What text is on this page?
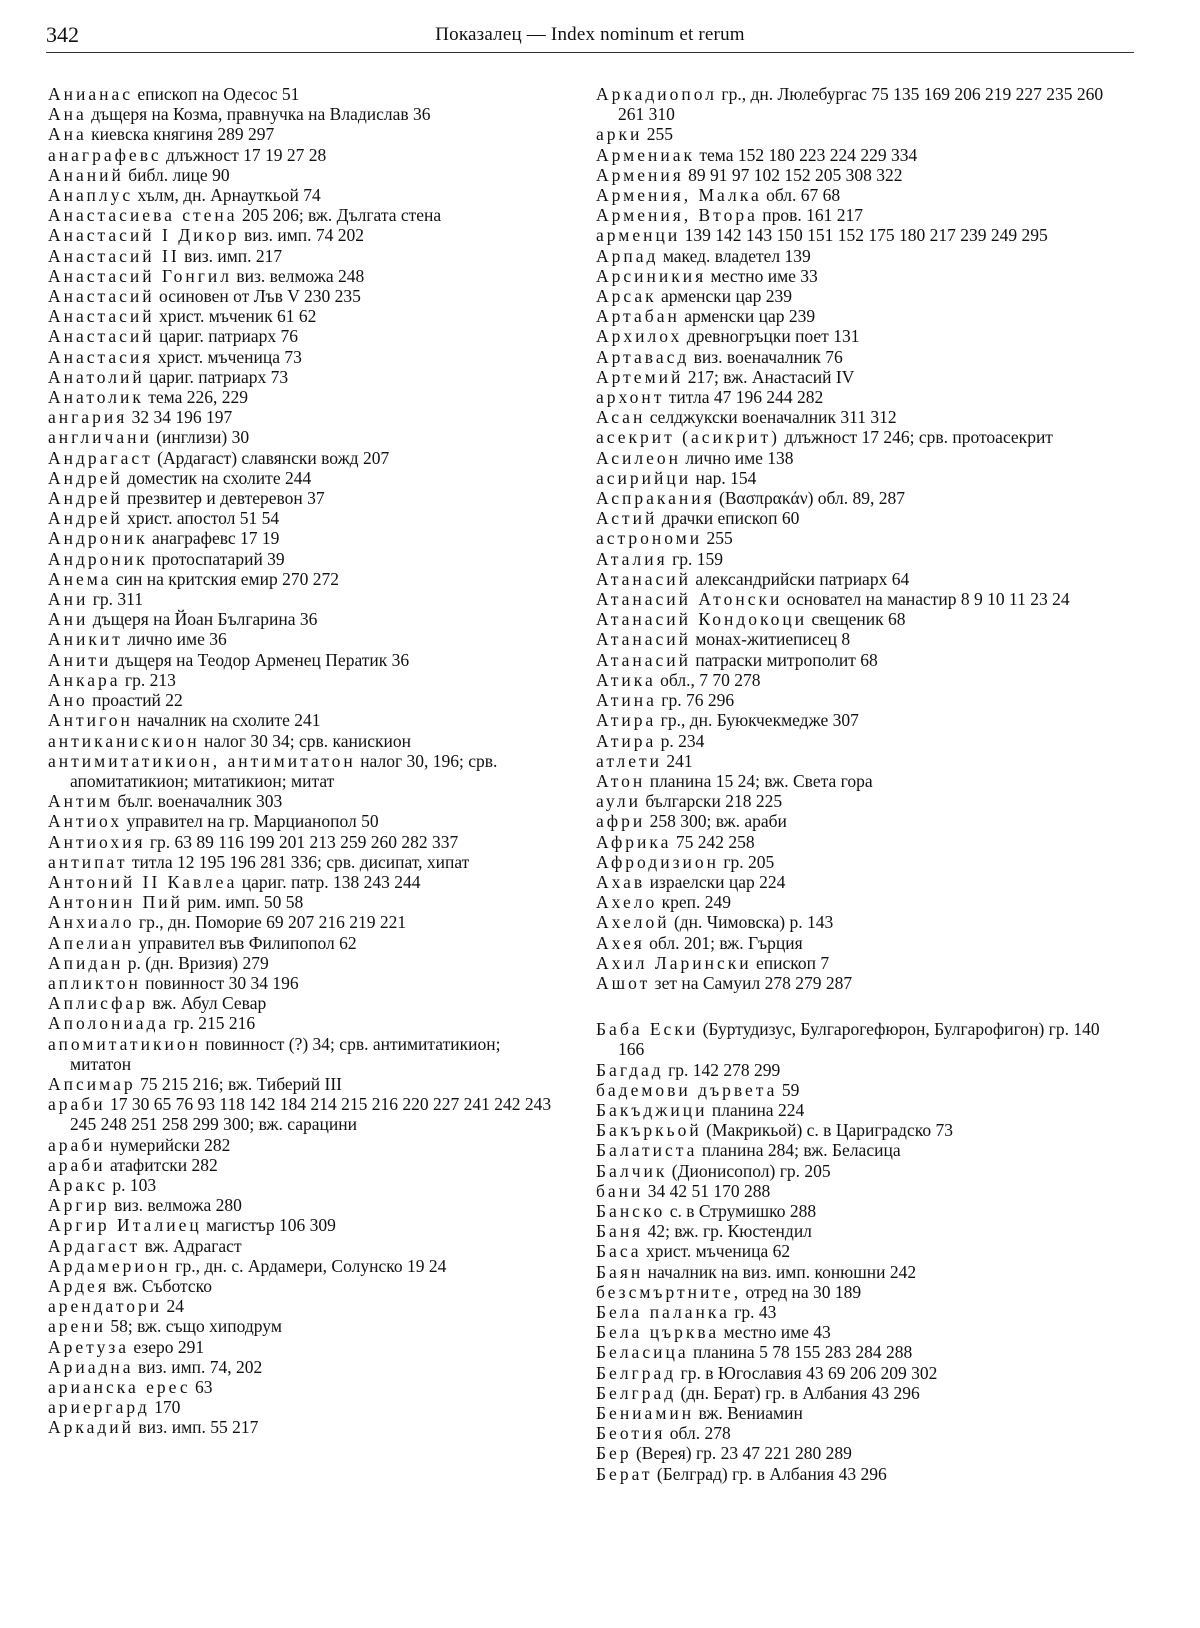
342	Показалец — Index nominum et rerum
Анианас епископ на Одесос 51
Ана дъщеря на Козма, правнучка на Владислав 36
Ана киевска княгиня 289 297
анаграфевс длъжност 17 19 27 28
Ананий библ. лице 90
Анаплус хълм, дн. Арнауткьой 74
Анастасиева стена 205 206; вж. Дългата стена
Анастасий I Дикор виз. имп. 74 202
Анастасий II виз. имп. 217
Анастасий Гонгил виз. велможа 248
Анастасий осиновен от Лъв V 230 235
Анастасий христ. мъченик 61 62
Анастасий цариг. патриарх 76
Анастасия христ. мъченица 73
Анатолий цариг. патриарх 73
Анатолик тема 226, 229
ангария 32 34 196 197
англичани (инглизи) 30
Андрагаст (Ардагаст) славянски вожд 207
Андрей доместик на схолите 244
Андрей презвитер и девтеревон 37
Андрей христ. апостол 51 54
Андроник анаграфевс 17 19
Андроник протоспатарий 39
Анема син на критския емир 270 272
Ани гр. 311
Ани дъщеря на Йоан Българина 36
Аникит лично име 36
Анити дъщеря на Теодор Арменец Ператик 36
Анкара гр. 213
Ано проастий 22
Антигон началник на схолите 241
антиканискион налог 30 34; срв. канискион
антимитатикион, антимитатон налог 30, 196; срв. апомитатикион; митатикион; митат
Антим бълг. военачалник 303
Антиох управител на гр. Марцианопол 50
Антиохия гр. 63 89 116 199 201 213 259 260 282 337
антипат титла 12 195 196 281 336; срв. дисипат, хипат
Антоний II Кавлеа цариг. патр. 138 243 244
Антонин Пий рим. имп. 50 58
Анхиало гр., дн. Поморие 69 207 216 219 221
Апелиан управител във Филипопол 62
Апидан р. (дн. Вризия) 279
апликтон повинност 30 34 196
Аплисфар вж. Абул Севар
Аполониада гр. 215 216
апомитатикион повинност (?) 34; срв. антимитатикион; митатон
Апсимар 75 215 216; вж. Тиберий III
араби 17 30 65 76 93 118 142 184 214 215 216 220 227 241 242 243 245 248 251 258 299 300; вж. сарацини
араби нумерийски 282
араби атафитски 282
Аракс р. 103
Аргир виз. велможа 280
Аргир Италиец магистър 106 309
Ардагаст вж. Адрагаст
Ардамерион гр., дн. с. Ардамери, Солунско 19 24
Ардея вж. Съботско
арендатори 24
арени 58; вж. също хиподрум
Аретуза езеро 291
Ариадна виз. имп. 74, 202
арианска ерес 63
ариергард 170
Аркадий виз. имп. 55 217
Аркадиопол гр., дн. Люлебургас 75 135 169 206 219 227 235 260 261 310
арки 255
Армениак тема 152 180 223 224 229 334
Армения 89 91 97 102 152 205 308 322
Армения, Малка обл. 67 68
Армения, Втора пров. 161 217
арменци 139 142 143 150 151 152 175 180 217 239 249 295
Арпад макед. владетел 139
Арсиникия местно име 33
Арсак арменски цар 239
Артабан арменски цар 239
Архилох древногръцки поет 131
Артавасд виз. военачалник 76
Артемий 217; вж. Анастасий IV
архонт титла 47 196 244 282
Асан селджукски военачалник 311 312
асекрит (асикрит) длъжност 17 246; срв. протоасекрит
Асилеон лично име 138
асирийци нар. 154
Аспракания (Βασπρακάν) обл. 89, 287
Астий драчки епископ 60
астрономи 255
Аталия гр. 159
Атанасий александрийски патриарх 64
Атанасий Атонски основател на манастир 8 9 10 11 23 24
Атанасий Кондокоци свещеник 68
Атанасий монах-житиеписец 8
Атанасий патраски митрополит 68
Атика обл., 7 70 278
Атина гр. 76 296
Атира гр., дн. Буюкчекмедже 307
Атира р. 234
атлети 241
Атон планина 15 24; вж. Света гора
аули български 218 225
афри 258 300; вж. араби
Африка 75 242 258
Афродизион гр. 205
Ахав израелски цар 224
Ахело креп. 249
Ахелой (дн. Чимовска) р. 143
Ахея обл. 201; вж. Гърция
Ахил Ларински епископ 7
Ашот зет на Самуил 278 279 287
Баба Ески (Буртудизус, Булгарогефюрон, Булгарофигон) гр. 140 166
Багдад гр. 142 278 299
бадемови дървета 59
Бакъджици планина 224
Бакъркьой (Макрикьой) с. в Цариградско 73
Балатиста планина 284; вж. Беласица
Балчик (Дионисопол) гр. 205
бани 34 42 51 170 288
Банско с. в Струмишко 288
Баня 42; вж. гр. Кюстендил
Баса христ. мъченица 62
Баян началник на виз. имп. конюшни 242
безсмъртните, отред на 30 189
Бела паланка гр. 43
Бела църква местно име 43
Беласица планина 5 78 155 283 284 288
Белград гр. в Югославия 43 69 206 209 302
Белград (дн. Берат) гр. в Албания 43 296
Бениамин вж. Вениамин
Беотия обл. 278
Бер (Верея) гр. 23 47 221 280 289
Берат (Белград) гр. в Албания 43 296
